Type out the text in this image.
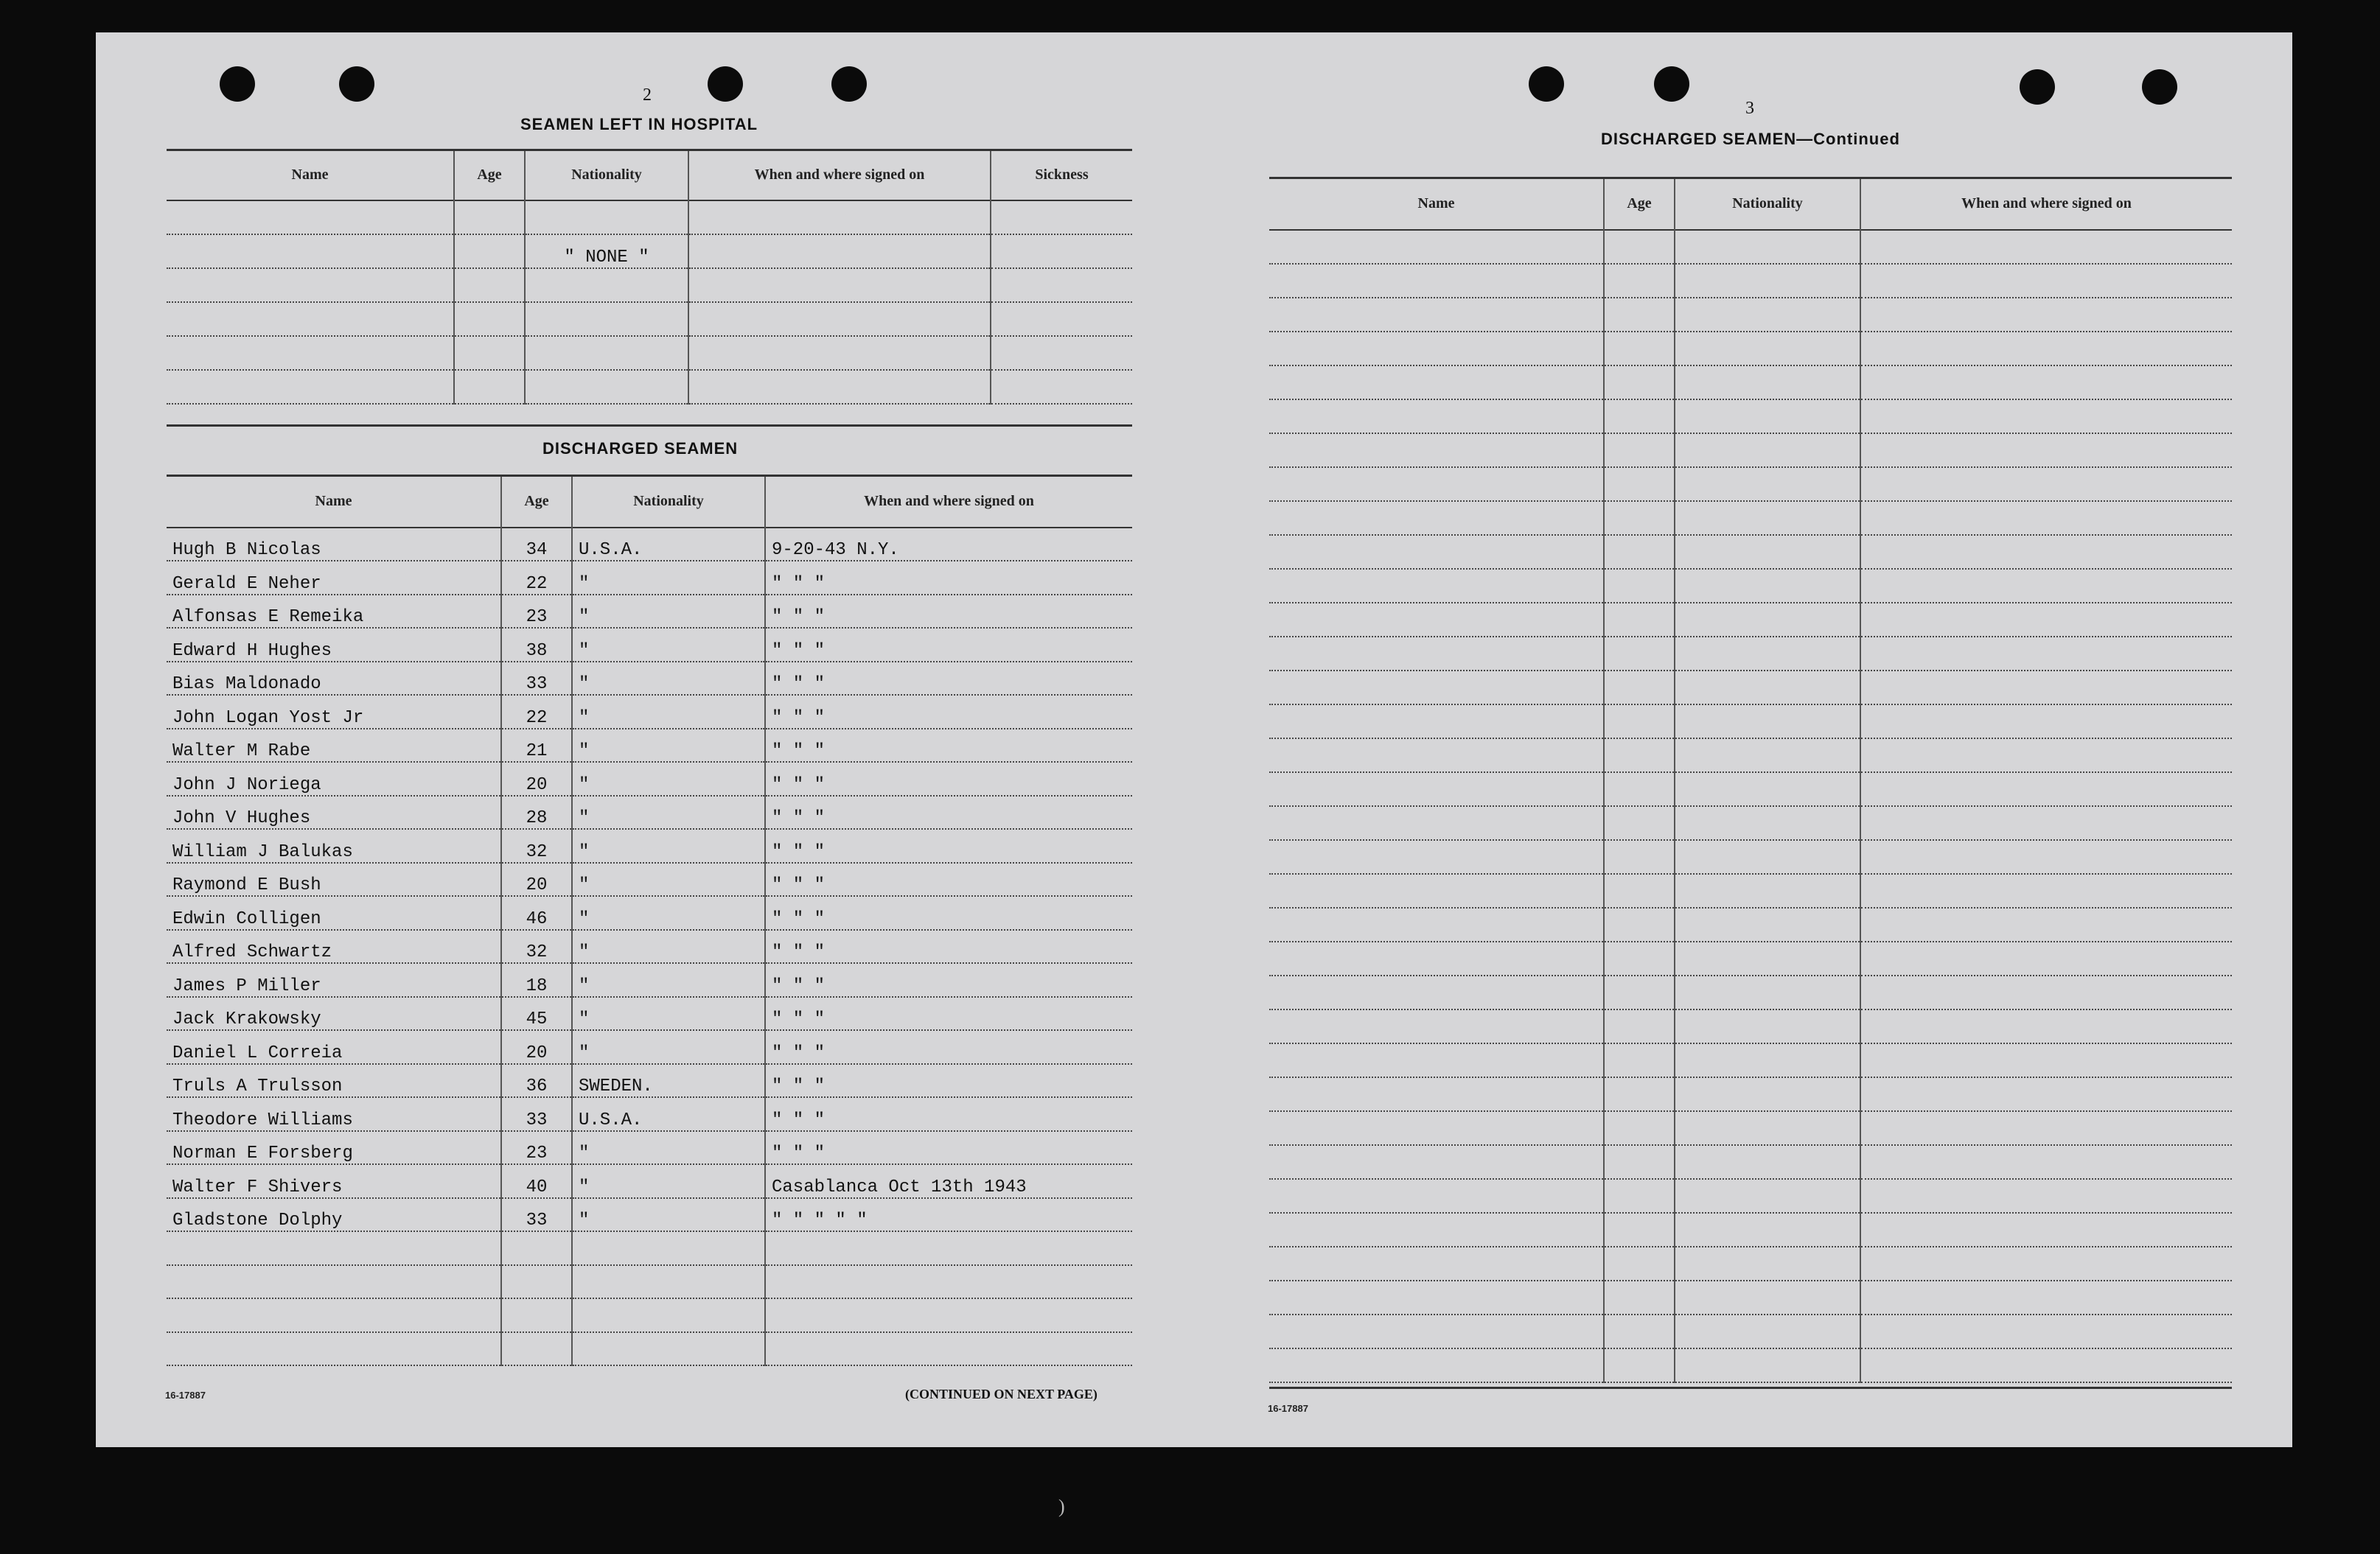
2
SEAMEN LEFT IN HOSPITAL
Name	Age	Nationality	When and where signed on	Sickness

		" NONE "		

DISCHARGED SEAMEN
Name	Age	Nationality	When and where signed on
Hugh B Nicolas	34	U.S.A.	9-20-43 N.Y.
Gerald E Neher	22	"	" " "
Alfonsas E Remeika	23	"	" " "
Edward H Hughes	38	"	" " "
Bias Maldonado	33	"	" " "
John Logan Yost Jr	22	"	" " "
Walter M Rabe	21	"	" " "
John J Noriega	20	"	" " "
John V Hughes	28	"	" " "
William J Balukas	32	"	" " "
Raymond E Bush	20	"	" " "
Edwin Colligen	46	"	" " "
Alfred Schwartz	32	"	" " "
James P Miller	18	"	" " "
Jack Krakowsky	45	"	" " "
Daniel L Correia	20	"	" " "
Truls A Trulsson	36	SWEDEN.	" " "
Theodore Williams	33	U.S.A.	" " "
Norman E Forsberg	23	"	" " "
Walter F Shivers	40	"	Casablanca Oct 13th 1943
Gladstone Dolphy	33	"	" " " " "

16-17887	(CONTINUED ON NEXT PAGE)
3
DISCHARGED SEAMEN—Continued
Name	Age	Nationality	When and where signed on

16-17887
)
